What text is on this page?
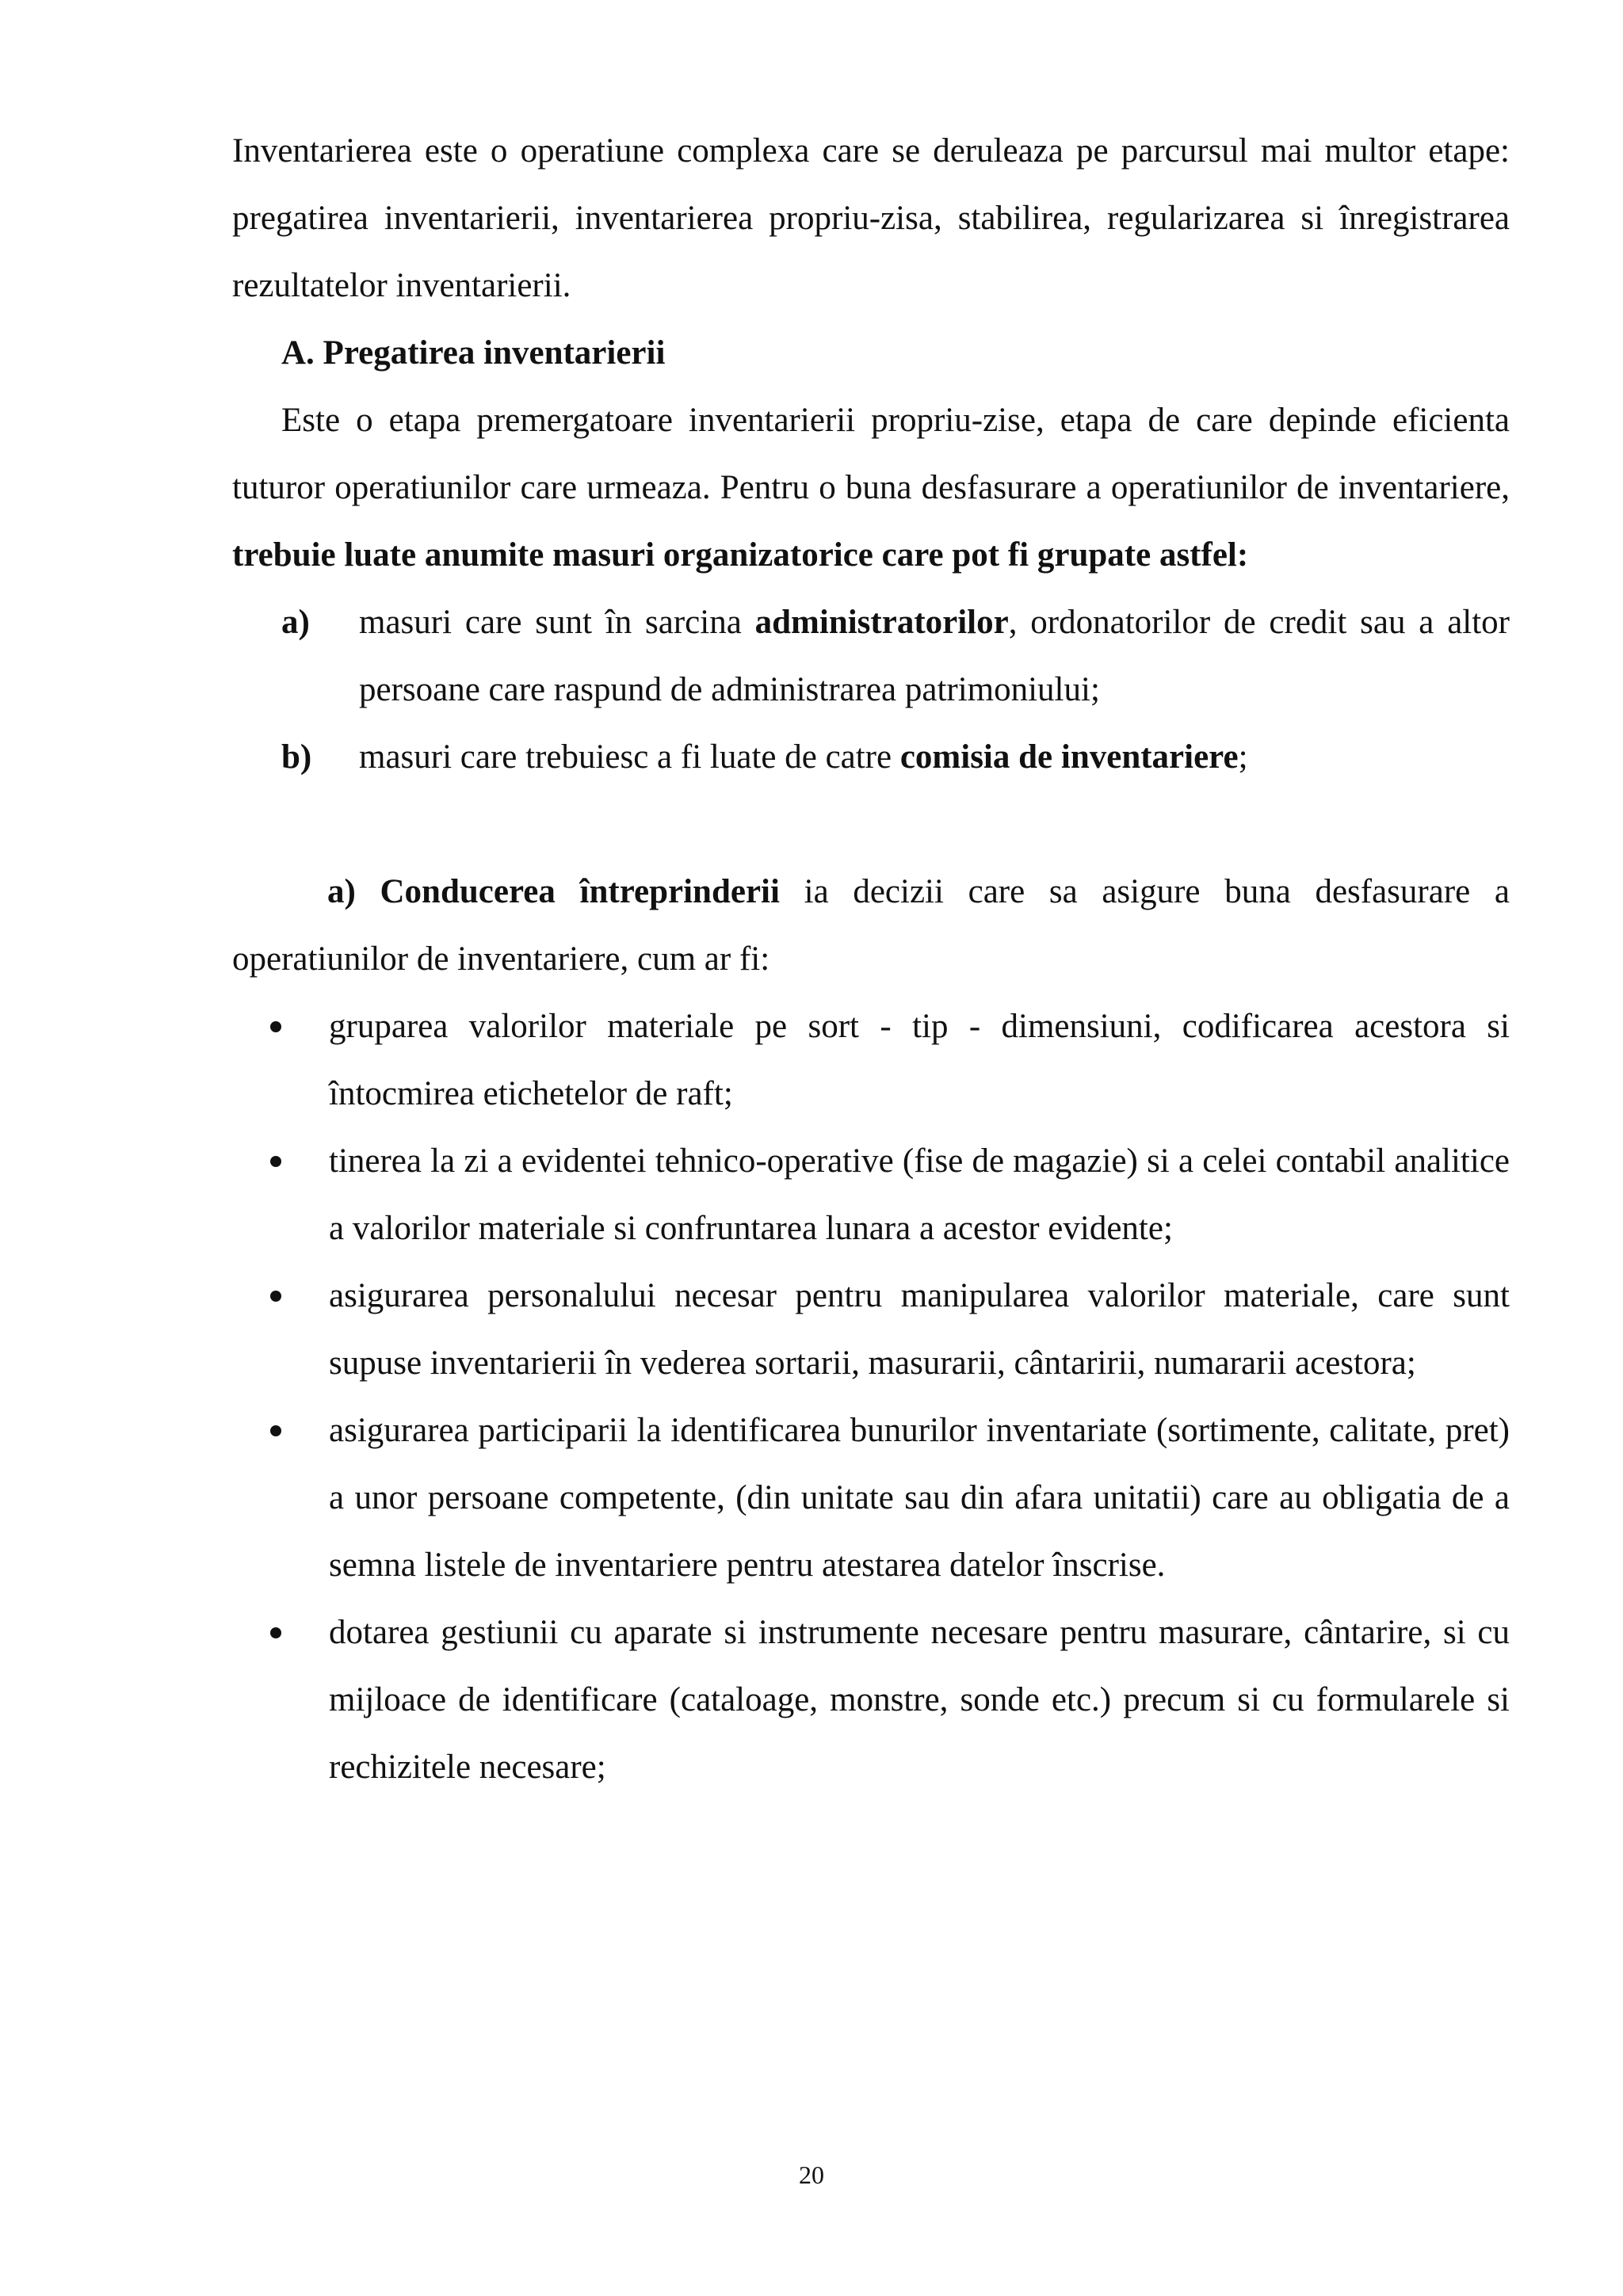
Inventarierea este o operatiune complexa care se deruleaza pe parcursul mai multor etape: pregatirea inventarierii, inventarierea propriu-zisa, stabilirea, regularizarea si înregistrarea rezultatelor inventarierii.

A. Pregatirea inventarierii

Este o etapa premergatoare inventarierii propriu-zise, etapa de care depinde eficienta tuturor operatiunilor care urmeaza. Pentru o buna desfasurare a operatiunilor de inventariere, trebuie luate anumite masuri organizatorice care pot fi grupate astfel:

a) masuri care sunt în sarcina administratorilor, ordonatorilor de credit sau a altor persoane care raspund de administrarea patrimoniului;

b) masuri care trebuiesc a fi luate de catre comisia de inventariere;

a) Conducerea întreprinderii ia decizii care sa asigure buna desfasurare a operatiunilor de inventariere, cum ar fi:

gruparea valorilor materiale pe sort - tip - dimensiuni, codificarea acestora si întocmirea etichetelor de raft;
tinerea la zi a evidentei tehnico-operative (fise de magazie) si a celei contabil analitice a valorilor materiale si confruntarea lunara a acestor evidente;
asigurarea personalului necesar pentru manipularea valorilor materiale, care sunt supuse inventarierii în vederea sortarii, masurarii, cântaririi, numararii acestora;
asigurarea participarii la identificarea bunurilor inventariate (sortimente, calitate, pret) a unor persoane competente, (din unitate sau din afara unitatii) care au obligatia de a semna listele de inventariere pentru atestarea datelor înscrise.
dotarea gestiunii cu aparate si instrumente necesare pentru masurare, cântarire, si cu mijloace de identificare (cataloage, monstre, sonde etc.) precum si cu formularele si rechizitele necesare;
20
